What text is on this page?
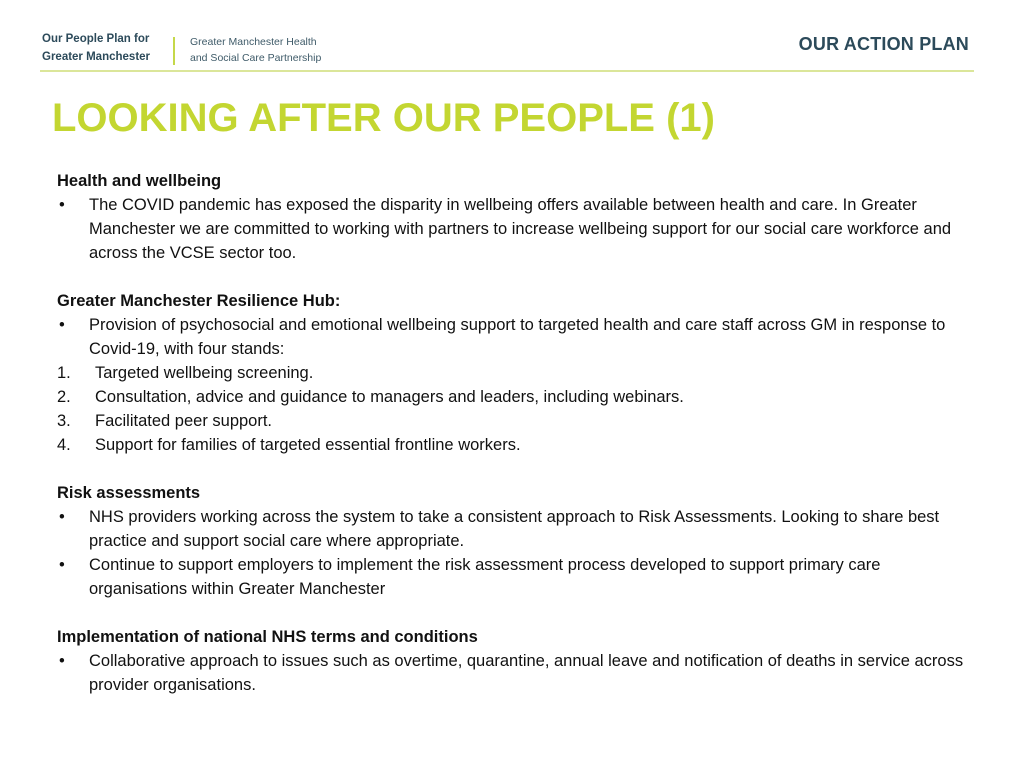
Our People Plan for
Greater Manchester
Greater Manchester Health
and Social Care Partnership
OUR ACTION PLAN
LOOKING AFTER OUR PEOPLE (1)
Health and wellbeing
• The COVID pandemic has exposed the disparity in wellbeing offers available between health and care. In Greater Manchester we are committed to working with partners to increase wellbeing support for our social care workforce and across the VCSE sector too.
Greater Manchester Resilience Hub:
• Provision of psychosocial and emotional wellbeing support to targeted health and care staff across GM in response to Covid-19, with four stands:
1. Targeted wellbeing screening.
2. Consultation, advice and guidance to managers and leaders, including webinars.
3. Facilitated peer support.
4. Support for families of targeted essential frontline workers.
Risk assessments
• NHS providers working across the system to take a consistent approach to Risk Assessments. Looking to share best practice and support social care where appropriate.
• Continue to support employers to implement the risk assessment process developed to support primary care organisations within Greater Manchester
Implementation of national NHS terms and conditions
• Collaborative approach to issues such as overtime, quarantine, annual leave and notification of deaths in service across provider organisations.
